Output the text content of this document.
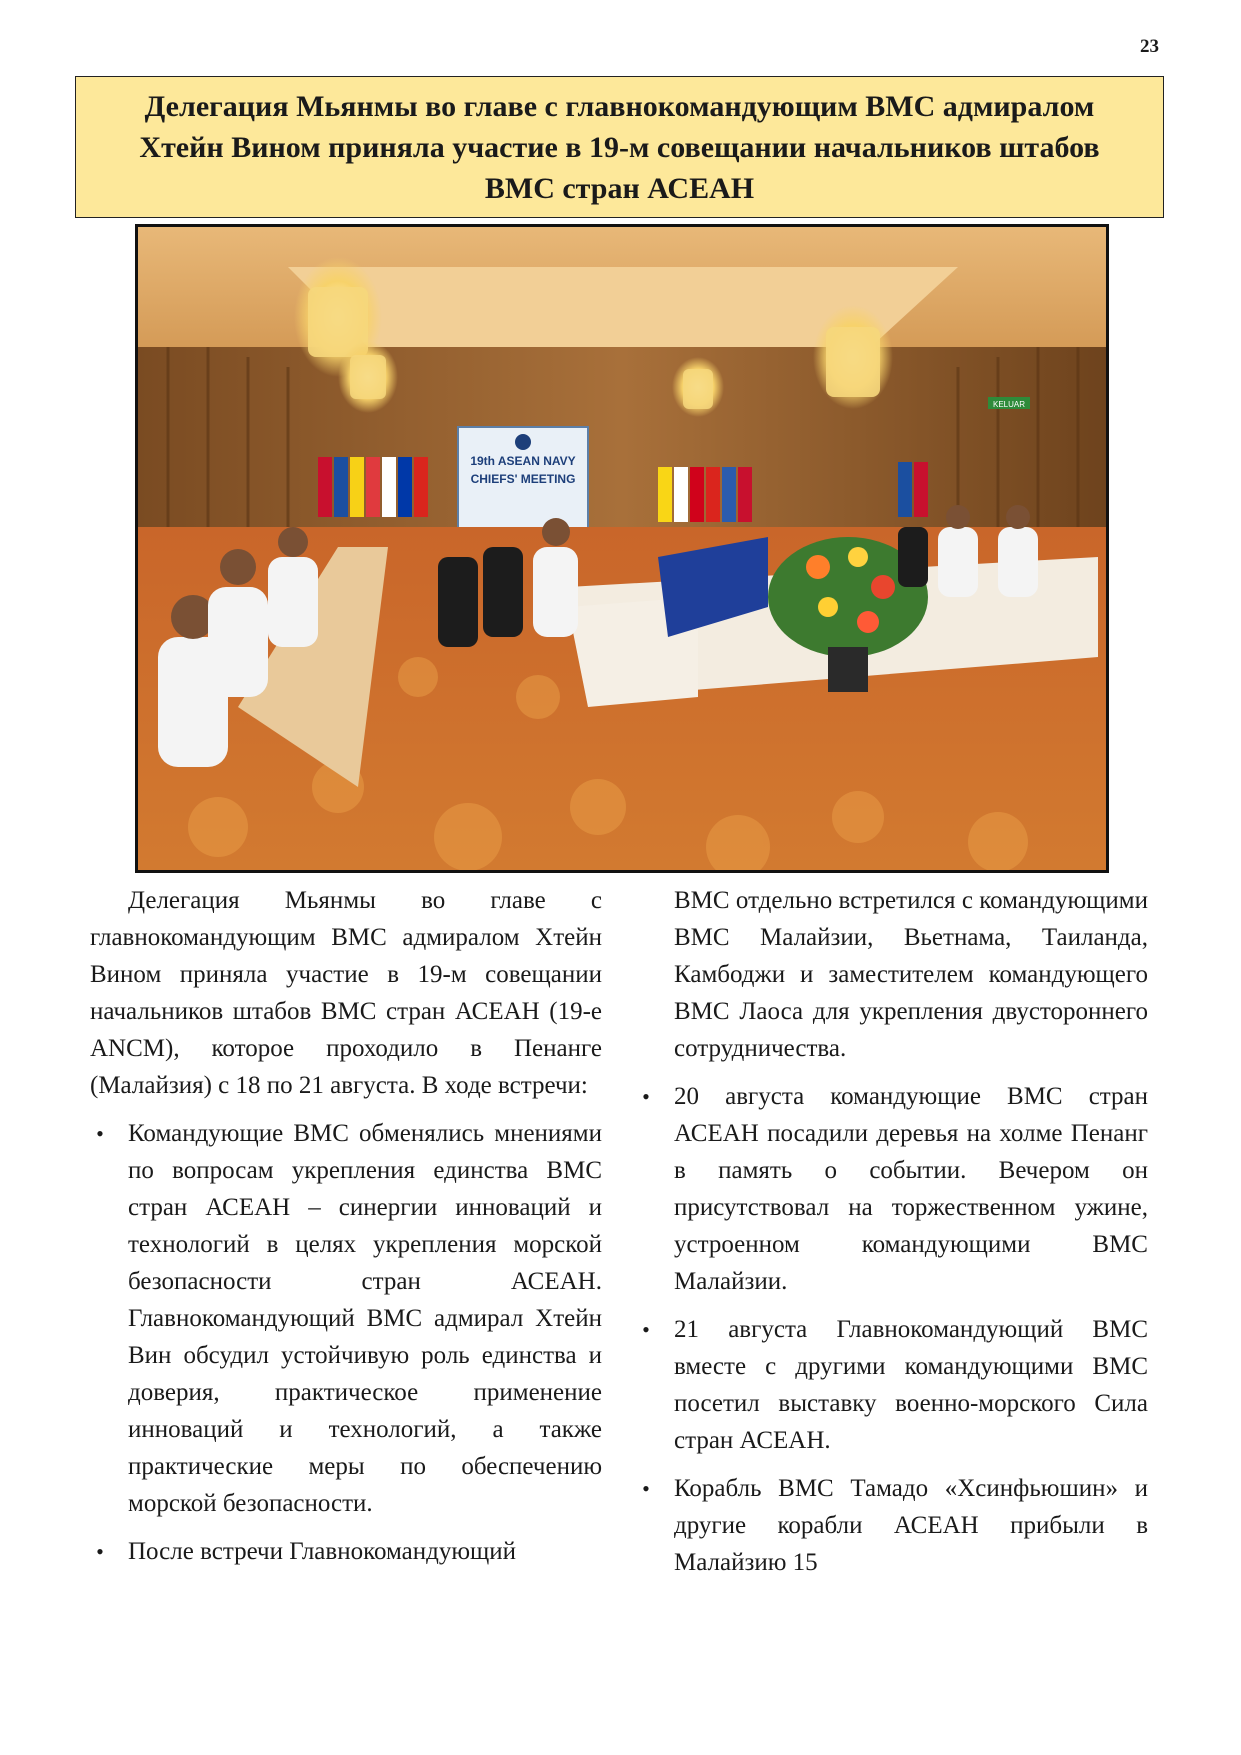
23
Делегация Мьянмы во главе с главнокомандующим ВМС адмиралом Хтейн Вином приняла участие в 19-м совещании начальников штабов ВМС стран АСЕАН
19th ASEAN NAVY
CHIEFS' MEETING
KELUAR

Делегация Мьянмы во главе с главнокомандующим ВМС адмиралом Хтейн Вином приняла участие в 19-м совещании начальников штабов ВМС стран АСЕАН (19-е ANCM), которое проходило в Пенанге (Малайзия) с 18 по 21 августа. В ходе встречи:

• Командующие ВМС обменялись мнениями по вопросам укрепления единства ВМС стран АСЕАН – синергии инноваций и технологий в целях укрепления морской безопасности стран АСЕАН. Главнокомандующий ВМС адмирал Хтейн Вин обсудил устойчивую роль единства и доверия, практическое применение инноваций и технологий, а также практические меры по обеспечению морской безопасности.
• После встречи Главнокомандующий
ВМС отдельно встретился с командующими ВМС Малайзии, Вьетнама, Таиланда, Камбоджи и заместителем командующего ВМС Лаоса для укрепления двустороннего сотрудничества.
• 20 августа командующие ВМС стран АСЕАН посадили деревья на холме Пенанг в память о событии. Вечером он присутствовал на торжественном ужине, устроенном командующими ВМС Малайзии.
• 21 августа Главнокомандующий ВМС вместе с другими командующими ВМС посетил выставку военно-морского Сила стран АСЕАН.
• Корабль ВМС Тамадо «Хсинфьюшин» и другие корабли АСЕАН прибыли в Малайзию 15
